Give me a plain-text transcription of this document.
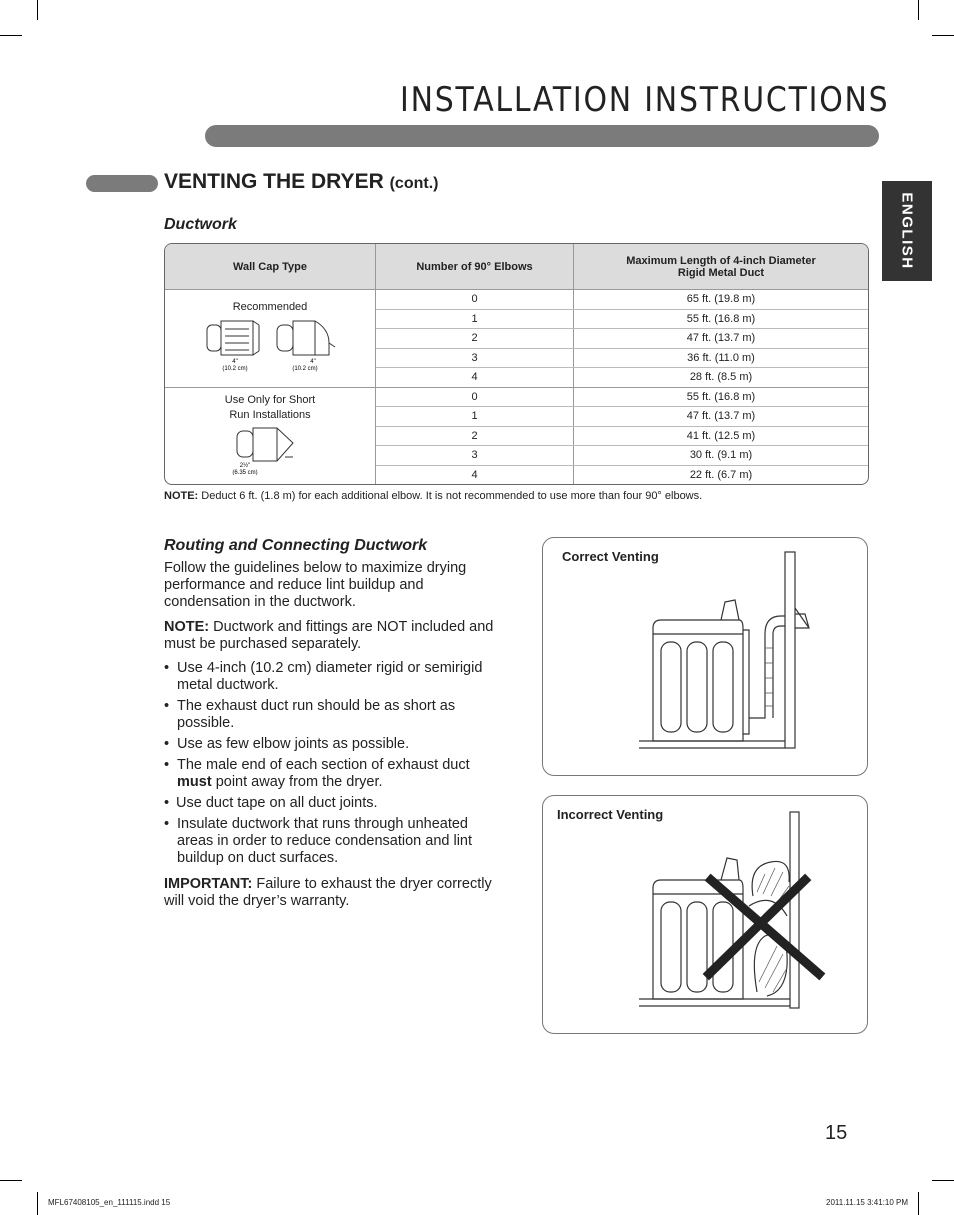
INSTALLATION INSTRUCTIONS
VENTING THE DRYER (cont.)
ENGLISH
Ductwork
Wall Cap Type	Number of 90° Elbows	Maximum Length of 4-inch Diameter
Rigid Metal Duct

Recommended
4"
(10.2 cm)
4"
(10.2 cm)	0	65 ft. (19.8 m)
	1	55 ft. (16.8 m)
	2	47 ft. (13.7 m)
	3	36 ft. (11.0 m)
	4	28 ft. (8.5 m)

Use Only for Short
Run Installations
2½"
(6.35 cm)	0	55 ft. (16.8 m)
	1	47 ft. (13.7 m)
	2	41 ft. (12.5 m)
	3	30 ft. (9.1 m)
	4	22 ft. (6.7 m)
NOTE: Deduct 6 ft. (1.8 m) for each additional elbow. It is not recommended to use more than four 90° elbows.
Routing and Connecting Ductwork
Follow the guidelines below to maximize drying performance and reduce lint buildup and condensation in the ductwork.
NOTE: Ductwork and fittings are NOT included and must be purchased separately.
• Use 4-inch (10.2 cm) diameter rigid or semirigid metal ductwork.
• The exhaust duct run should be as short as possible.
• Use as few elbow joints as possible.
• The male end of each section of exhaust duct must point away from the dryer.
• Use duct tape on all duct joints.
• Insulate ductwork that runs through unheated areas in order to reduce condensation and lint buildup on duct surfaces.
IMPORTANT: Failure to exhaust the dryer correctly will void the dryer’s warranty.
Correct Venting
Incorrect Venting
15
MFL67408105_en_111115.indd 15	2011.11.15 3:41:10 PM
